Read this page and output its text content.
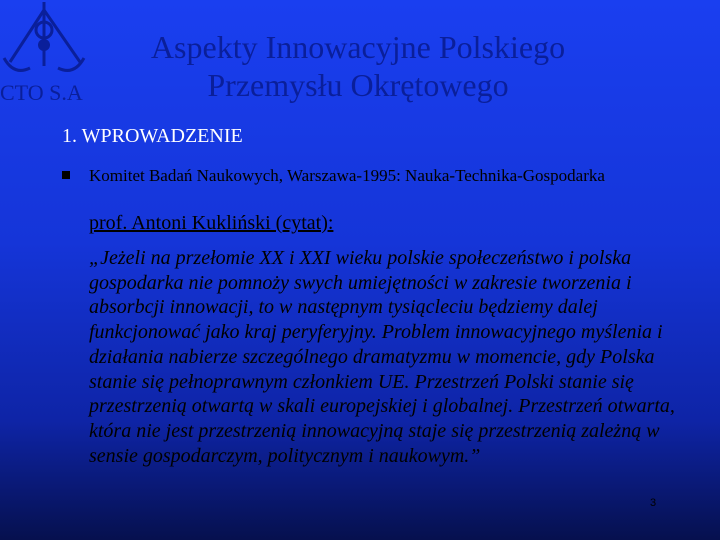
CTO S.A
Aspekty Innowacyjne Polskiego
Przemysłu Okrętowego
1. WPROWADZENIE
Komitet Badań Naukowych, Warszawa-1995: Nauka-Technika-Gospodarka
prof. Antoni Kukliński (cytat):
„Jeżeli na przełomie XX i XXI wieku polskie społeczeństwo i polska gospodarka nie pomnoży swych umiejętności w zakresie tworzenia i absorbcji innowacji, to w następnym tysiącleciu będziemy dalej funkcjonować jako kraj peryferyjny. Problem innowacyjnego myślenia i działania nabierze szczególnego dramatyzmu w momencie, gdy Polska stanie się pełnoprawnym członkiem UE. Przestrzeń Polski stanie się przestrzenią otwartą w skali europejskiej i globalnej. Przestrzeń otwarta, która nie jest przestrzenią innowacyjną staje się przestrzenią zależną w sensie gospodarczym, politycznym i naukowym.”
3
